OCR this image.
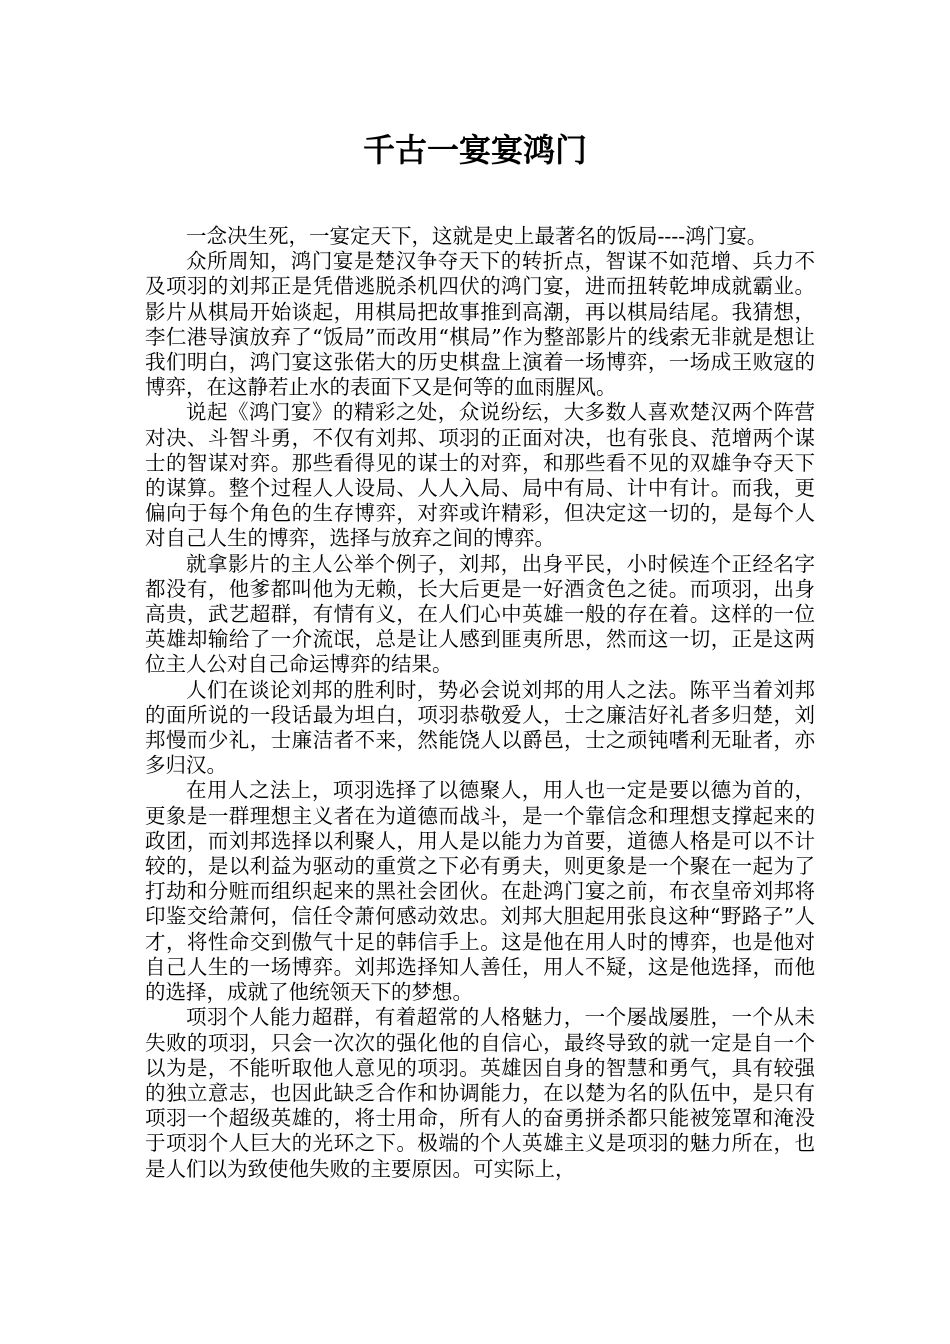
千古一宴宴鸿门

一念决生死，一宴定天下，这就是史上最著名的饭局----鸿门宴。

众所周知，鸿门宴是楚汉争夺天下的转折点，智谋不如范增、兵力不及项羽的刘邦正是凭借逃脱杀机四伏的鸿门宴，进而扭转乾坤成就霸业。影片从棋局开始谈起，用棋局把故事推到高潮，再以棋局结尾。我猜想，李仁港导演放弃了“饭局”而改用“棋局”作为整部影片的线索无非就是想让我们明白，鸿门宴这张偌大的历史棋盘上演着一场博弈，一场成王败寇的博弈，在这静若止水的表面下又是何等的血雨腥风。

说起《鸿门宴》的精彩之处，众说纷纭，大多数人喜欢楚汉两个阵营对决、斗智斗勇，不仅有刘邦、项羽的正面对决，也有张良、范增两个谋士的智谋对弈。那些看得见的谋士的对弈，和那些看不见的双雄争夺天下的谋算。整个过程人人设局、人人入局、局中有局、计中有计。而我，更偏向于每个角色的生存博弈，对弈或许精彩，但决定这一切的，是每个人对自己人生的博弈，选择与放弃之间的博弈。

就拿影片的主人公举个例子，刘邦，出身平民，小时候连个正经名字都没有，他爹都叫他为无赖，长大后更是一好酒贪色之徒。而项羽，出身高贵，武艺超群，有情有义，在人们心中英雄一般的存在着。这样的一位英雄却输给了一介流氓，总是让人感到匪夷所思，然而这一切，正是这两位主人公对自己命运博弈的结果。

人们在谈论刘邦的胜利时，势必会说刘邦的用人之法。陈平当着刘邦的面所说的一段话最为坦白，项羽恭敬爱人，士之廉洁好礼者多归楚，刘邦慢而少礼，士廉洁者不来，然能饶人以爵邑，士之顽钝嗜利无耻者，亦多归汉。

在用人之法上，项羽选择了以德聚人，用人也一定是要以德为首的，更象是一群理想主义者在为道德而战斗，是一个靠信念和理想支撑起来的政团，而刘邦选择以利聚人，用人是以能力为首要，道德人格是可以不计较的，是以利益为驱动的重赏之下必有勇夫，则更象是一个聚在一起为了打劫和分赃而组织起来的黑社会团伙。在赴鸿门宴之前，布衣皇帝刘邦将印鉴交给萧何，信任令萧何感动效忠。刘邦大胆起用张良这种“野路子”人才，将性命交到傲气十足的韩信手上。这是他在用人时的博弈，也是他对自己人生的一场博弈。刘邦选择知人善任，用人不疑，这是他选择，而他的选择，成就了他统领天下的梦想。

项羽个人能力超群，有着超常的人格魅力，一个屡战屡胜，一个从未失败的项羽，只会一次次的强化他的自信心，最终导致的就一定是自一个以为是，不能听取他人意见的项羽。英雄因自身的智慧和勇气，具有较强的独立意志，也因此缺乏合作和协调能力，在以楚为名的队伍中，是只有项羽一个超级英雄的，将士用命，所有人的奋勇拼杀都只能被笼罩和淹没于项羽个人巨大的光环之下。极端的个人英雄主义是项羽的魅力所在，也是人们以为致使他失败的主要原因。可实际上，
